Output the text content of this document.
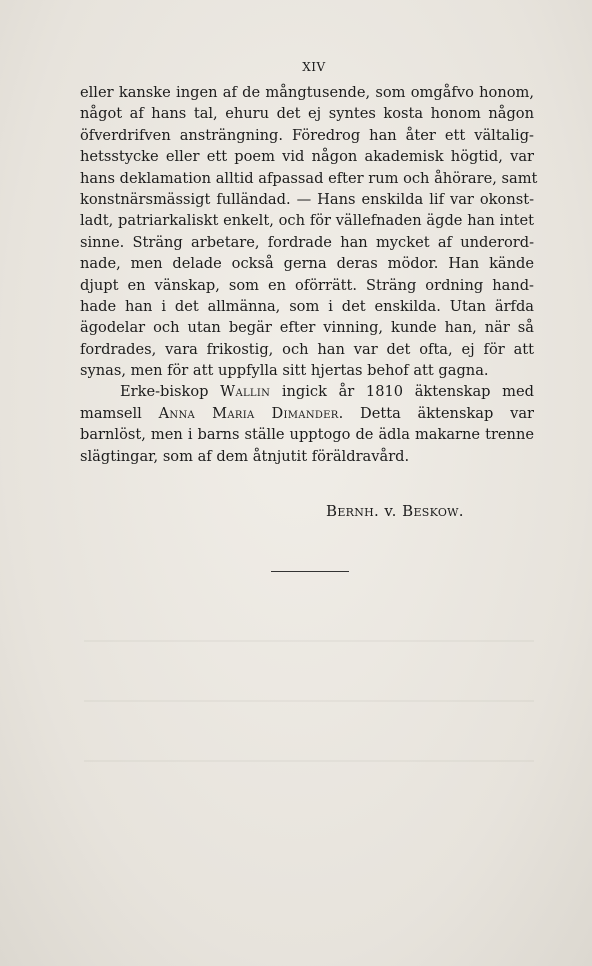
XIV
eller kanske ingen af de mångtusende, som omgåfvo honom,
något af hans tal, ehuru det ej syntes kosta honom någon
öfverdrifven ansträngning. Föredrog han åter ett vältalig-
hetsstycke eller ett poem vid någon akademisk högtid, var
hans deklamation alltid afpassad efter rum och åhörare, samt
konstnärsmässigt fulländad. — Hans enskilda lif var okonst-
ladt, patriarkaliskt enkelt, och för vällefnaden ägde han intet
sinne. Sträng arbetare, fordrade han mycket af underord-
nade, men delade också gerna deras mödor. Han kände
djupt en vänskap, som en oförrätt. Sträng ordning hand-
hade han i det allmänna, som i det enskilda. Utan ärfda
ägodelar och utan begär efter vinning, kunde han, när så
fordrades, vara frikostig, och han var det ofta, ej för att
synas, men för att uppfylla sitt hjertas behof att gagna.
Erke-biskop Wallin ingick år 1810 äktenskap med
mamsell Anna Maria Dimander. Detta äktenskap var
barnlöst, men i barns ställe upptogo de ädla makarne trenne
slägtingar, som af dem åtnjutit föräldravård.
Bernh. v. Beskow.
